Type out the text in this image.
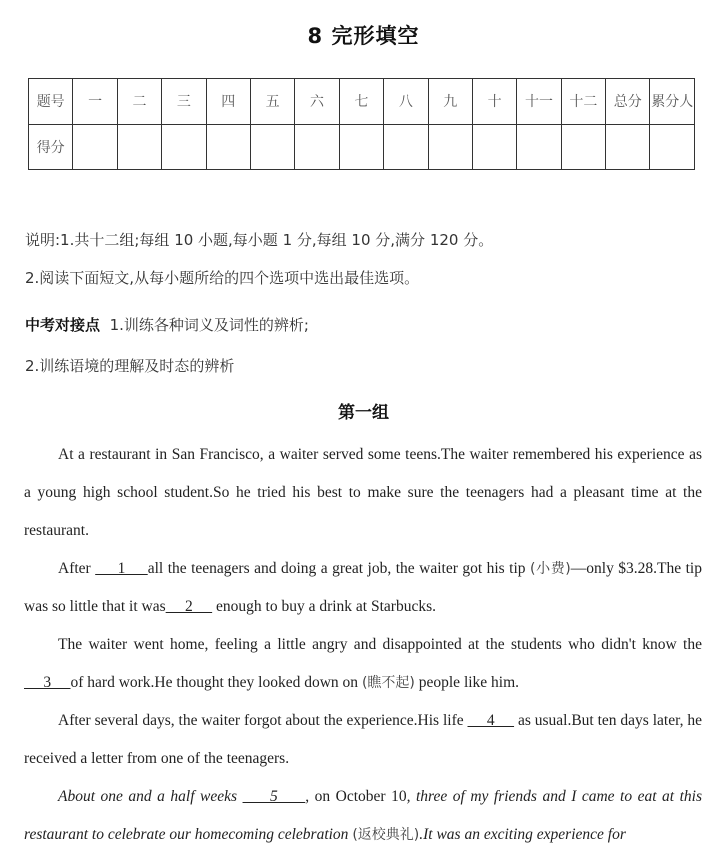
8 完形填空
题号	一	二	三	四	五	六	七	八	九	十	十一	十二	总分	累分人
得分														
说明:1.共十二组;每组 10 小题,每小题 1 分,每组 10 分,满分 120 分。
2.阅读下面短文,从每小题所给的四个选项中选出最佳选项。
中考对接点 1.训练各种词义及词性的辨析;
2.训练语境的理解及时态的辨析
第一组

At a restaurant in San Francisco, a waiter served some teens.The waiter remembered his experience as a young high school student.So he tried his best to make sure the teenagers had a pleasant time at the restaurant.

After      1     all the teenagers and doing a great job, the waiter got his tip (小费)—only $3.28.The tip was so little that it was     2      enough to buy a drink at Starbucks.

The waiter went home, feeling a little angry and disappointed at the students who didn't know the      3     of hard work.He thought they looked down on (瞧不起) people like him.

After several days, the waiter forgot about the experience.His life      4      as usual.But ten days later, he received a letter from one of the teenagers.

About one and a half weeks      5     , on October 10, three of my friends and I came to eat at this restaurant to celebrate our homecoming celebration (返校典礼).It was an exciting experience for
